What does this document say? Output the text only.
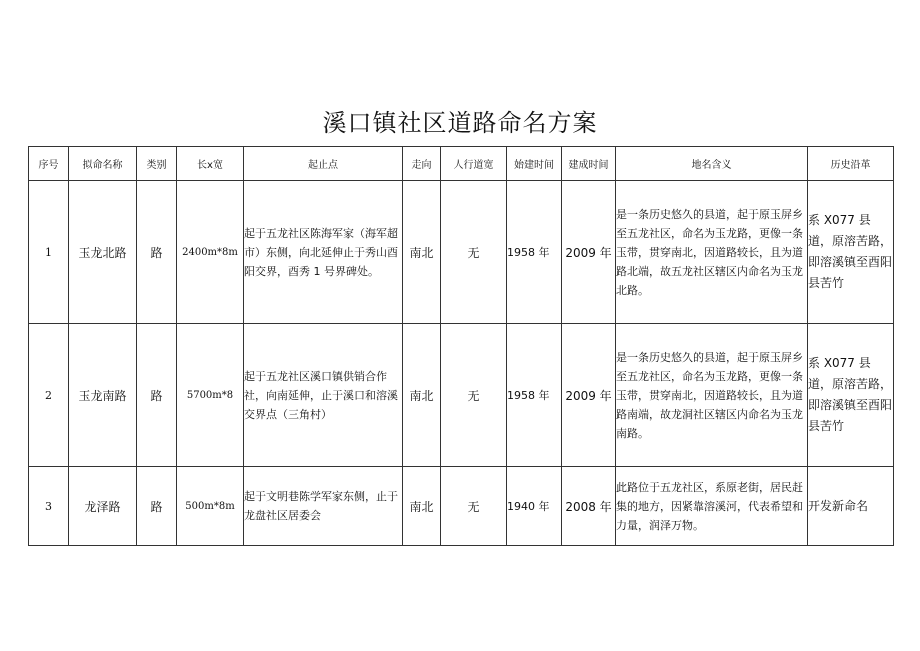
溪口镇社区道路命名方案
序号	拟命名称	类别	长ⅹ宽	起止点	走向	人行道宽	始建时间	建成时间	地名含义	历史沿革
1	玉龙北路	路	2400m*8m	起于五龙社区陈海军家（海军超市）东侧，向北延伸止于秀山酉阳交界，酉秀 1 号界碑处。	南北	无	1958 年	2009 年	是一条历史悠久的县道，起于原玉屏乡至五龙社区，命名为玉龙路，更像一条玉带，贯穿南北，因道路较长，且为道路北端，故五龙社区辖区内命名为玉龙北路。	系 X077 县道，原溶苦路，即溶溪镇至酉阳县苦竹
2	玉龙南路	路	5700m*8	起于五龙社区溪口镇供销合作社，向南延伸，止于溪口和溶溪交界点（三角村）	南北	无	1958 年	2009 年	是一条历史悠久的县道，起于原玉屏乡至五龙社区，命名为玉龙路，更像一条玉带，贯穿南北，因道路较长，且为道路南端，故龙洞社区辖区内命名为玉龙南路。	系 X077 县道，原溶苦路，即溶溪镇至酉阳县苦竹
3	龙泽路	路	500m*8m	起于文明巷陈学军家东侧，止于龙盘社区居委会	南北	无	1940 年	2008 年	此路位于五龙社区，系原老街，居民赶集的地方，因紧靠溶溪河，代表希望和力量，润泽万物。	开发新命名
